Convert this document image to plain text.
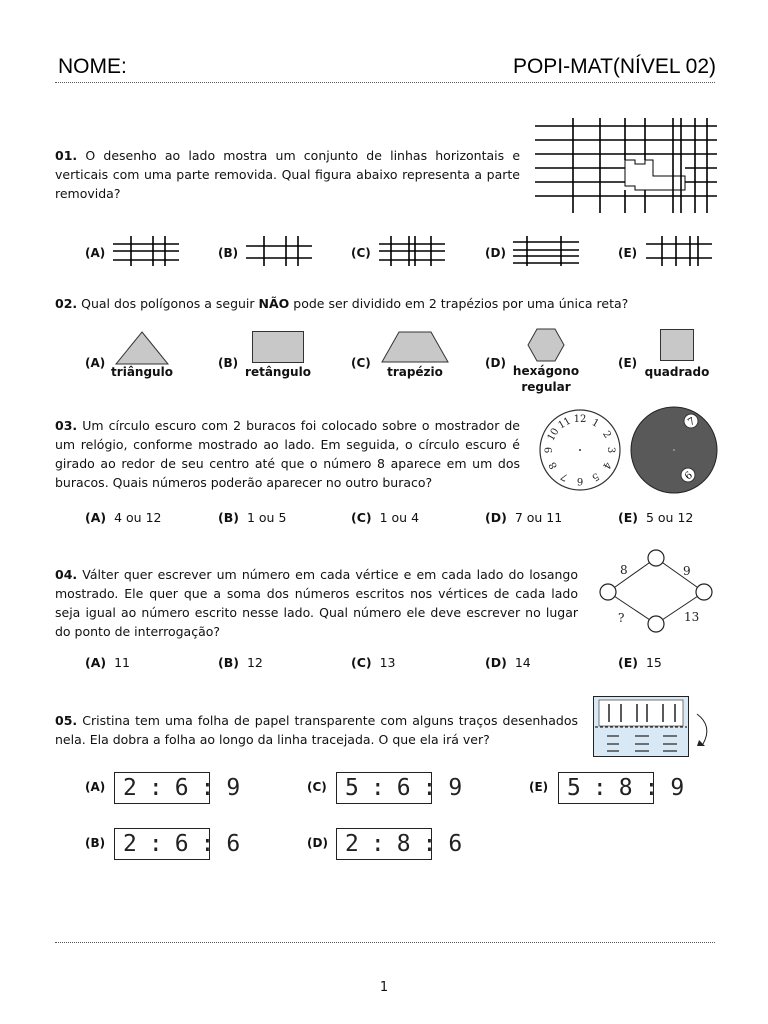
NOME:	POPI-MAT(NÍVEL 02)
01. O desenho ao lado mostra um conjunto de linhas horizontais e verticais com uma parte removida. Qual figura abaixo representa a parte removida?
(A)	(B)	(C)	(D)	(E)
02. Qual dos polígonos a seguir NÃO pode ser dividido em 2 trapézios por uma única reta?
(A)
triângulo
(B)
retângulo
(C)
trapézio
(D)
hexágono regular
(E)
quadrado
03. Um círculo escuro com 2 buracos foi colocado sobre o mostrador de um relógio, conforme mostrado ao lado. Em seguida, o círculo escuro é girado ao redor de seu centro até que o número 8 aparece em um dos buracos. Quais números poderão aparecer no outro buraco?
12 1
2
3
4
5
6
7
8
9
10
11	7
6
(A) 4 ou 12	(B) 1 ou 5	(C) 1 ou 4	(D) 7 ou 11	(E) 5 ou 12
04. Válter quer escrever um número em cada vértice e em cada lado do losango mostrado. Ele quer que a soma dos números escritos nos vértices de cada lado seja igual ao número escrito nesse lado. Qual número ele deve escrever no lugar do ponto de interrogação?
8	9
?	13
(A) 11	(B) 12	(C) 13	(D) 14	(E) 15
05. Cristina tem uma folha de papel transparente com alguns traços desenhados nela. Ela dobra a folha ao longo da linha tracejada. O que ela irá ver?
(A) 2:6:9
(B) 2:6:6
(C) 5:6:9
(D) 2:8:6
(E) 5:8:9
1
